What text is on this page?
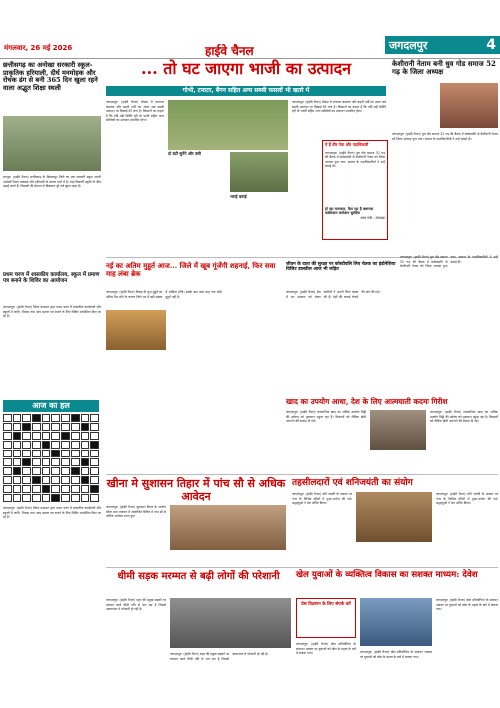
मंगलवार, 26 मई 2026	हाईवे चैनल	जगदलपुर	4
छत्तीसगढ़ का अनोखा सरकारी स्कूल- प्राकृतिक हरियाली, दीर्घ मनमोहक और रोचक ढंग से बनी 365 दिन खुला रहने वाला अद्भुत शिक्षा स्थली
रायपुर। (हाईवे चैनल) छत्तीसगढ़ के बिलासपुर जिले का एक सरकारी स्कूल अपनी अनोखी शिक्षा व्यवस्था और हरियाली के कारण चर्चा में है। यहां विद्यार्थी प्रकृति के बीच पढ़ाई करते हैं। शिक्षकों की मेहनत से विद्यालय पूरे वर्ष खुला रहता है।
प्रथम चरण में शासकीय कार्यालय, स्कूल में प्रमाण पत्र बनाने के शिविर का आयोजन
जगदलपुर। (हाईवे चैनल) जिला प्रशासन द्वारा प्रथम चरण में शासकीय कार्यालयों और स्कूलों में जाति, निवास तथा आय प्रमाण पत्र बनाने के लिए शिविर आयोजित किए जा रहे हैं।
आज का हल
... तो घट जाएगा भाजी का उत्पादन
गोभी, टमाटर, बैंगन सहित अन्य सब्जी फसलों भी खतरे में
जगदलपुर। (हाईवे चैनल) मौसम में लगातार बदलाव और बढ़ती गर्मी का असर अब सब्जी उत्पादन पर दिखाई देने लगा है। किसानों का कहना है कि यदि यही स्थिति रही तो भाजी सहित अन्य सब्जियों का उत्पादन प्रभावित होगा।
दो बंटी सुनेंगे और उसी
भराई कराई
जगदलपुर। (हाईवे चैनल) मौसम में लगातार बदलाव और बढ़ती गर्मी का असर अब सब्जी उत्पादन पर दिखाई देने लगा है। किसानों का कहना है कि यदि यही स्थिति रही तो भाजी सहित अन्य सब्जियों का उत्पादन प्रभावित होगा।
केशीरानी नेताम बनी धुव गोड समाज 52 गढ़ के जिला अध्यक्ष
जगदलपुर। (हाईवे चैनल) धुव गोंड समाज 52 गढ़ की बैठक में सर्वसम्मति से केशीरानी नेताम को जिला अध्यक्ष चुना गया। समाज के पदाधिकारियों ने उन्हें बधाई दी।
ये हैं वीर नेता और पदाधिकारी
जगदलपुर। (हाईवे चैनल) धुव गोंड समाज 52 गढ़ की बैठक में सर्वसम्मति से केशीरानी नेताम को जिला अध्यक्ष चुना गया। समाज के पदाधिकारियों ने उन्हें बधाई दी।
हो रहा चमत्कार, फैल रहा है भ्रष्टाचार कबीरधाम कलेक्टर सुरक्षित
अमर गंधी - संपादक
नई का अतिम मुहूर्त आज... जिले में खूब गूंजेंगी शहनाई, फिर सवा माह लंबा ब्रेक
जगदलपुर। (हाईवे चैनल) विवाह के शुभ मुहूर्त का अंतिम दिन होने के कारण जिले भर में बड़ी संख्या में शादियां होंगी। इसके बाद सवा माह तक कोई मुहूर्त नहीं है।
जीवन के दाता की सुरक्षा पर कोस्टीवलि लिए चेतक का इंडोनेशिया विजिट डालडील आज भी जड़ित
जगदलपुर। (हाईवे चैनल) क्षेत्र में वन संरक्षण को लेकर ग्रामीणों ने अपनी चिंता व्यक्त की है। पेड़ों की कटाई रोकने की मांग की गई।
जगदलपुर। (हाईवे चैनल) धुव गोंड समाज 52 गढ़ की बैठक में सर्वसम्मति से केशीरानी नेताम को जिला अध्यक्ष चुना गया। समाज के पदाधिकारियों ने उन्हें बधाई दी।
खाद का उपयोग आधा, देश के लिए आत्मघाती कदमः गिरीश
जगदलपुर। (हाईवे चैनल) रासायनिक खाद का अधिक उपयोग मिट्टी की उर्वरता को नुकसान पहुंचा रहा है। किसानों को जैविक खेती अपनाने की सलाह दी गई।
जगदलपुर। (हाईवे चैनल) रासायनिक खाद का अधिक उपयोग मिट्टी की उर्वरता को नुकसान पहुंचा रहा है। किसानों को जैविक खेती अपनाने की सलाह दी गई।
खीना मे सुशासन तिहार में पांच सौ से अधिक आवेदन
जगदलपुर। (हाईवे चैनल) सुशासन तिहार के अंतर्गत खीना ग्राम पंचायत में आयोजित शिविर में पांच सौ से अधिक आवेदन प्राप्त हुए।
तहसीलदारों एवं शनिजयंती का संयोग
जगदलपुर। (हाईवे चैनल) शनि जयंती के अवसर पर नगर के विभिन्न मंदिरों में पूजा-अर्चना की गई। श्रद्धालुओं ने तेल अर्पित किया।
जगदलपुर। (हाईवे चैनल) शनि जयंती के अवसर पर नगर के विभिन्न मंदिरों में पूजा-अर्चना की गई। श्रद्धालुओं ने तेल अर्पित किया।
धीमी सड़क मरम्मत से बढ़ी लोगों की परेशानी
जगदलपुर। (हाईवे चैनल) शहर की प्रमुख सड़कों पर मरम्मत कार्य धीमी गति से चल रहा है जिससे आवागमन में परेशानी हो रही है।
जगदलपुर। (हाईवे चैनल) शहर की प्रमुख सड़कों पर मरम्मत कार्य धीमी गति से चल रहा है जिससे आवागमन में परेशानी हो रही है।
खेल युवाओं के व्यक्तित्व विकास का सशक्त माध्यम: देवेश
प्रेस विज्ञापन के लिए संपर्क करें
जगदलपुर। (हाईवे चैनल) खेल प्रतियोगिता के समापन अवसर पर युवाओं को खेल के महत्व के बारे में बताया गया।
जगदलपुर। (हाईवे चैनल) खेल प्रतियोगिता के समापन अवसर पर युवाओं को खेल के महत्व के बारे में बताया गया।
जगदलपुर। (हाईवे चैनल) खेल प्रतियोगिता के समापन अवसर पर युवाओं को खेल के महत्व के बारे में बताया गया।
जगदलपुर। (हाईवे चैनल) जिला प्रशासन द्वारा प्रथम चरण में शासकीय कार्यालयों और स्कूलों में जाति, निवास तथा आय प्रमाण पत्र बनाने के लिए शिविर आयोजित किए जा रहे हैं।
